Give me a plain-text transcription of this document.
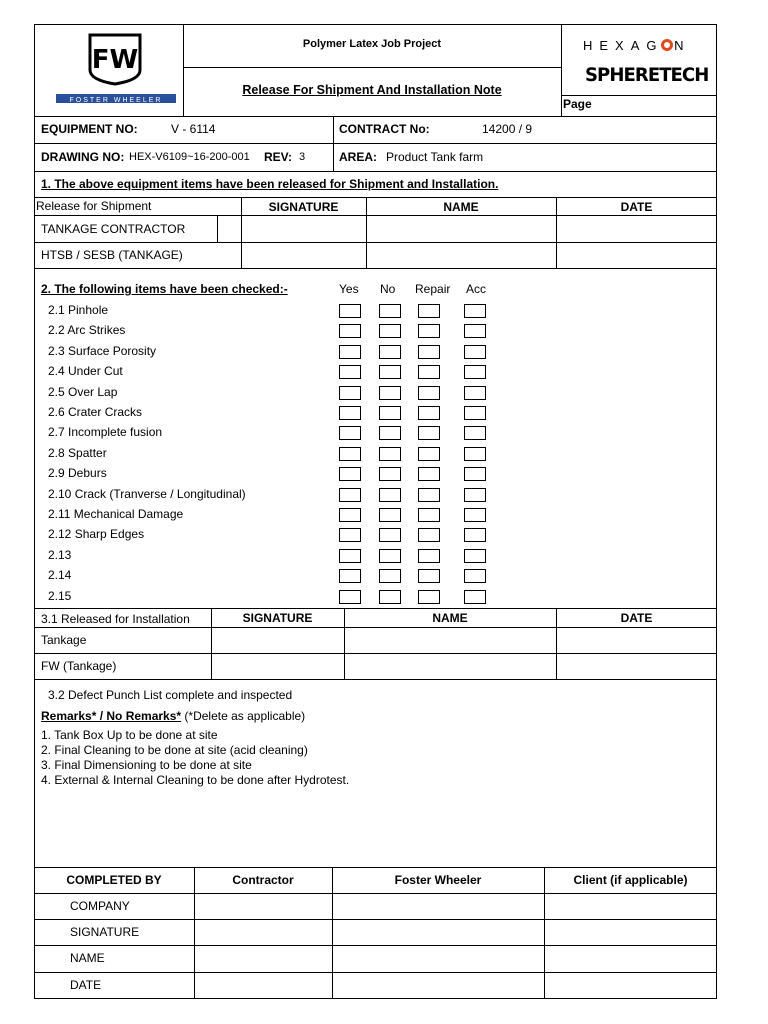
FW
FOSTER WHEELER
Polymer Latex Job Project
Release For Shipment And Installation Note
HEXAG N
SPHERETECH
Page
EQUIPMENT NO:	V - 6114	CONTRACT No:	14200 / 9
DRAWING NO: HEX-V6109~16-200-001 REV: 3	AREA: Product Tank farm
1. The above equipment items have been released for Shipment and Installation.
Release for Shipment	SIGNATURE	NAME	DATE
TANKAGE CONTRACTOR
HTSB / SESB (TANKAGE)
2. The following items have been checked:-	Yes No Repair Acc
2.1 Pinhole
2.2 Arc Strikes
2.3 Surface Porosity
2.4 Under Cut
2.5 Over Lap
2.6 Crater Cracks
2.7 Incomplete fusion
2.8 Spatter
2.9 Deburs
2.10 Crack (Tranverse / Longitudinal)
2.11 Mechanical Damage
2.12 Sharp Edges
2.13
2.14
2.15
3.1 Released for Installation	SIGNATURE	NAME	DATE
Tankage
FW (Tankage)
3.2 Defect Punch List complete and inspected
Remarks* / No Remarks* (*Delete as applicable)
1. Tank Box Up to be done at site
2. Final Cleaning to be done at site (acid cleaning)
3. Final Dimensioning to be done at site
4. External & Internal Cleaning to be done after Hydrotest.
COMPLETED BY	Contractor	Foster Wheeler	Client (if applicable)
COMPANY
SIGNATURE
NAME
DATE
